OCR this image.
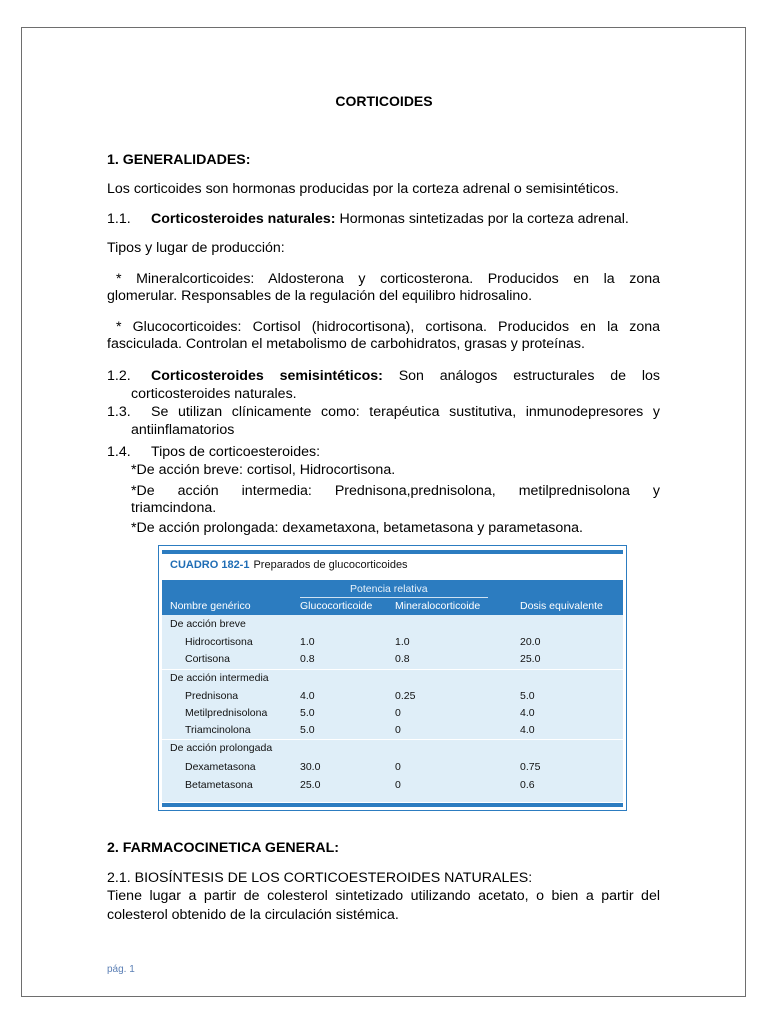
CORTICOIDES
1. GENERALIDADES:
Los corticoides son hormonas producidas por la corteza adrenal o semisintéticos.
1.1. Corticosteroides naturales: Hormonas sintetizadas por la corteza adrenal.
Tipos y lugar de producción:
* Mineralcorticoides: Aldosterona y corticosterona. Producidos en la zona
glomerular. Responsables de la regulación del equilibro hidrosalino.
* Glucocorticoides: Cortisol (hidrocortisona), cortisona. Producidos en la zona
fasciculada. Controlan el metabolismo de carbohidratos, grasas y proteínas.
1.2. Corticosteroides semisintéticos: Son análogos estructurales de los
corticosteroides naturales.
1.3. Se utilizan clínicamente como: terapéutica sustitutiva, inmunodepresores y
antiinflamatorios
1.4. Tipos de corticoesteroides:
*De acción breve: cortisol, Hidrocortisona.
*De acción intermedia: Prednisona,prednisolona, metilprednisolona y
triamcindona.
*De acción prolongada: dexametaxona, betametasona y parametasona.
CUADRO 182-1 Preparados de glucocorticoides
Potencia relativa
Nombre genérico	Glucocorticoide Mineralocorticoide	Dosis equivalente
De acción breve
Hidrocortisona	1.0	1.0	20.0
Cortisona	0.8	0.8	25.0
De acción intermedia
Prednisona	4.0	0.25	5.0
Metilprednisolona	5.0	0	4.0
Triamcinolona	5.0	0	4.0
De acción prolongada
Dexametasona	30.0	0	0.75
Betametasona	25.0	0	0.6
2. FARMACOCINETICA GENERAL:
2.1. BIOSÍNTESIS DE LOS CORTICOESTEROIDES NATURALES:
Tiene lugar a partir de colesterol sintetizado utilizando acetato, o bien a partir del
colesterol obtenido de la circulación sistémica.
pág. 1
